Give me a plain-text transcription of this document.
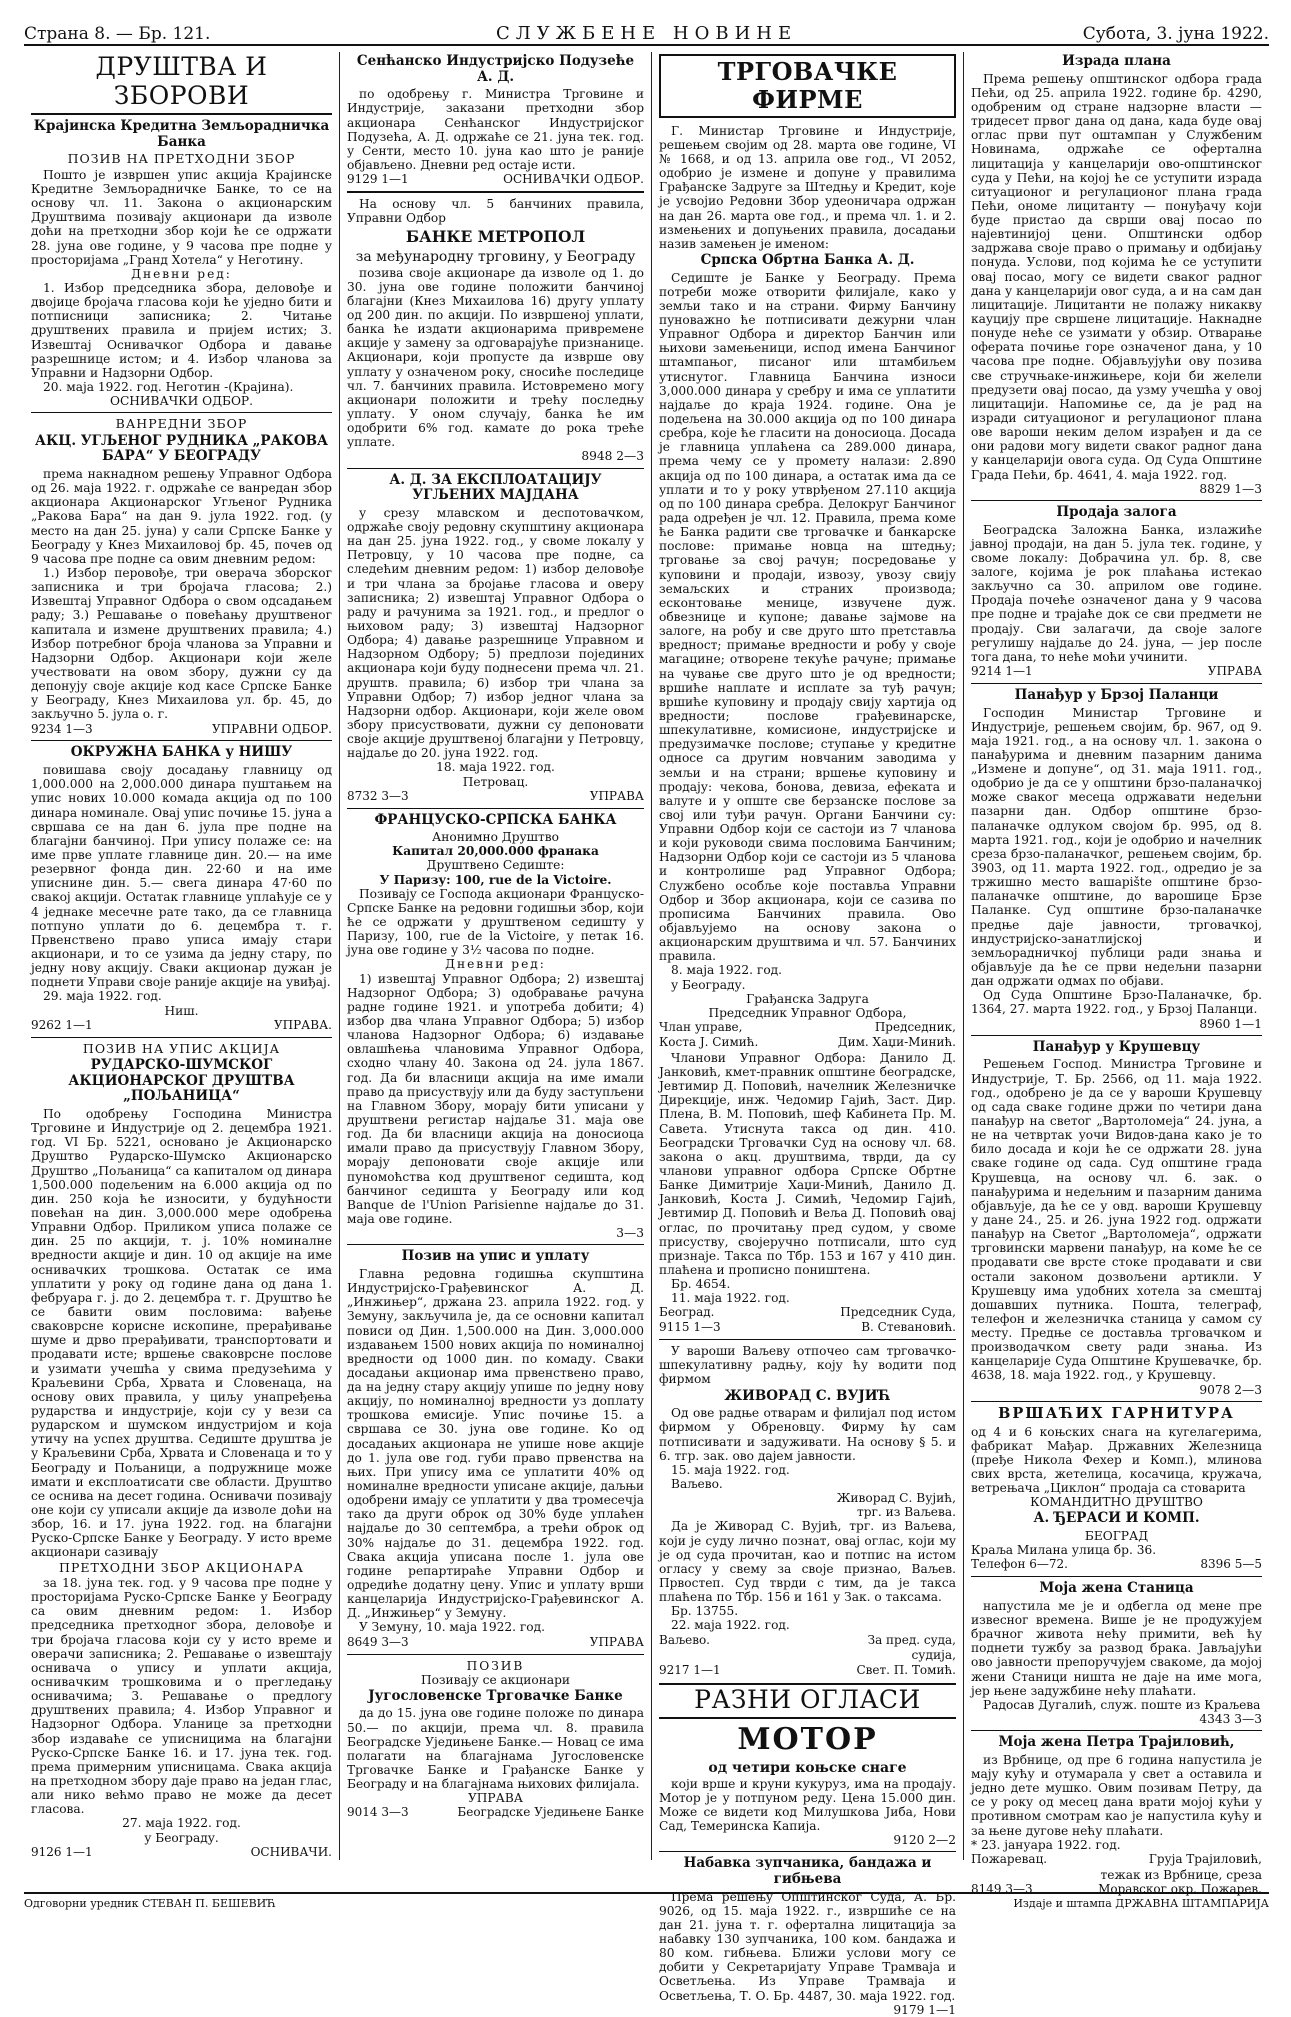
Страна 8. — Бр. 121.	СЛУЖБЕНЕ НОВИНЕ	Субота, 3. јуна 1922.
ДРУШТВА И ЗБОРОВИ
Крајинска Кредитна Земљорадничка Банка
ПОЗИВ НА ПРЕТХОДНИ ЗБОР

Пошто је извршен упис акција Крајинске Кредитне Земљорадничке Банке, то се на основу чл. 11. Закона о акционарским Друштвима позивају акционари да изволе доћи на претходни збор који ће се одржати 28. јуна ове године, у 9 часова пре подне у просторијама „Гранд Хотела“ у Неготину.

Дневни ред:

1. Избор председника збора, деловође и двојице бројача гласова који ће уједно бити и потписници записника; 2. Читање друштвених правила и пријем истих; 3. Извештај Оснивачког Одбора и давање разрешнице истом; и 4. Избор чланова за Управни и Надзорни Одбор.

20. маја 1922. год. Неготин -(Крајина).

ОСНИВАЧКИ ОДБОР.
ВАНРЕДНИ ЗБОР
АКЦ. УГЉЕНОГ РУДНИКА „РАКОВА БАРА“ У БЕОГРАДУ

према накнадном решењу Управног Одбора од 26. маја 1922. г. одржаће се ванредан збор акционара Акционарског Угљеног Рудника „Ракова Бара“ на дан 9. јула 1922. год. (у место на дан 25. јуна) у сали Српске Банке у Београду у Кнез Михаиловој бр. 45, почев од 9 часова пре подне са овим дневним редом:

1.) Избор перовође, три оверача зборског записника и три бројача гласова; 2.) Извештај Управног Одбора о свом одсадањем раду; 3.) Решавање о повећању друштвеног капитала и измене друштвених правила; 4.) Избор потребног броја чланова за Управни и Надзорни Одбор. Акционари који желе учествовати на овом збору, дужни су да депонују своје акције код касе Српске Банке у Београду, Кнез Михаилова ул. бр. 45, до закључно 5. јула о. г.

9234 1—3	УПРАВНИ ОДБОР.
ОКРУЖНА БАНКА у НИШУ

повишава своју досадању главницу од 1,000.000 на 2,000.000 динара пуштањем на упис нових 10.000 комада акција од по 100 динара номинале. Овај упис почиње 15. јуна а свршава се на дан 6. јула пре подне на благајни банчиној. При упису полаже се: на име прве уплате главнице дин. 20.— на име резервног фонда дин. 22·60 и на име уписнине дин. 5.— свега динара 47·60 по свакој акцији. Остатак главнице уплаћује се у 4 једнаке месечне рате тако, да се главница потпуно уплати до 6. децембра т. г. Првенствено право уписа имају стари акционари, и то се узима да једну стару, по једну нову акцију. Сваки акционар дужан је поднети Управи своје раније акције на увиђај.

29. маја 1922. год.

Ниш.
9262 1—1	УПРАВА.
ПОЗИВ НА УПИС АКЦИЈА
РУДАРСКО-ШУМСКОГ АКЦИОНАРСКОГ ДРУШТВА „ПОЉАНИЦА“

По одобрењу Господина Министра Трговине и Индустрије од 2. децембра 1921. год. VI Бр. 5221, основано је Акционарско Друштво Рударско-Шумско Акционарско Друштво „Пољаница“ са капиталом од динара 1,500.000 подељеним на 6.000 акција од по дин. 250 која ће износити, у будућности повећан на дин. 3,000.000 мере одобрења Управни Одбор. Приликом уписа полаже се дин. 25 по акцији, т. ј. 10% номиналне вредности акције и дин. 10 од акције на име оснивачких трошкова. Остатак се има уплатити у року од године дана од дана 1. фебруара г. ј. до 2. децембра т. г. Друштво ће се бавити овим пословима: вађење сваковрсне корисне ископине, прерађивање шуме и дрво прерађивати, транспортовати и продавати исте; вршење сваковрсне послове и узимати учешћа у свима предузећима у Краљевини Срба, Хрвата и Словенаца, на основу ових правила, у циљу унапређења рударства и индустрије, који су у вези са рударском и шумском индустријом и која утичу на успех друштва. Седиште друштва је у Краљевини Срба, Хрвата и Словенаца и то у Београду и Пољаници, а подружнице може имати и експлоатисати све области. Друштво се оснива на десет година. Оснивачи позивају оне који су уписали акције да изволе доћи на збор, 16. и 17. јуна 1922. год. на благајни Руско-Српске Банке у Београду. У исто време акционари сазивају

ПРЕТХОДНИ ЗБОР АКЦИОНАРА

за 18. јуна тек. год. у 9 часова пре подне у просторијама Руско-Српске Банке у Београду са овим дневним редом: 1. Избор председника претходног збора, деловође и три бројача гласова који су у исто време и оверачи записника; 2. Решавање о извештају оснивача о упису и уплати акција, оснивачким трошковима и о прегледању оснивачима; 3. Решавање о предлогу друштвених правила; 4. Избор Управног и Надзорног Одбора. Уланице за претходни збор издаваће се уписницима на благајни Руско-Српске Банке 16. и 17. јуна тек. год. према примерним уписницама. Свака акција на претходном збору даје право на један глас, али нико већмо право не може да десет гласова.

27. маја 1922. год.
у Београду.
9126 1—1	ОСНИВАЧИ.
Сенћанско Индустријско Подузеће А. Д.

по одобрењу г. Министра Трговине и Индустрије, заказани претходни збор акционара Сенћанског Индустријског Подузећа, А. Д. одржаће се 21. јуна тек. год. у Сенти, место 10. јуна као што је раније објављено. Дневни ред остаје исти.

9129 1—1	ОСНИВАЧКИ ОДБОР.

На основу чл. 5 банчиних правила, Управни Одбор

БАНКЕ МЕТРОПОЛ
за међународну трговину, у Београду

позива своје акционаре да изволе од 1. до 30. јуна ове године положити банчиној благајни (Кнез Михаилова 16) другу уплату од 200 дин. по акцији. По извршеној уплати, банка ће издати акционарима привремене акције у замену за одговарајуће признанице. Акционари, који пропусте да изврше ову уплату у означеном року, сносиће последице чл. 7. банчиних правила. Истовремено могу акционари положити и трећу последњу уплату. У оном случају, банка ће им одобрити 6% год. камате до рока треће уплате.

8948 2—3
А. Д. ЗА ЕКСПЛОАТАЦИЈУ УГЉЕНИХ МАЈДАНА

у срезу млавском и деспотовачком, одржаће своју редовну скупштину акционара на дан 25. јуна 1922. год., у своме локалу у Петровцу, у 10 часова пре подне, са следећим дневним редом: 1) избор деловође и три члана за бројање гласова и оверу записника; 2) извештај Управног Одбора о раду и рачунима за 1921. год., и предлог о њиховом раду; 3) извештај Надзорног Одбора; 4) давање разрешнице Управном и Надзорном Одбору; 5) предлози појединих акционара који буду поднесени према чл. 21. друштв. правила; 6) избор три члана за Управни Одбор; 7) избор једног члана за Надзорни одбор. Акционари, који желе овом збору присуствовати, дужни су депоновати своје акције друштвеној благајни у Петровцу, најдаље до 20. јуна 1922. год.

18. маја 1922. год.
Петровац.
8732 3—3	УПРАВА
ФРАНЦУСКО-СРПСКА БАНКА
Анонимно Друштво
Капитал 20,000.000 франака
Друштвено Седиште:
У Паризу: 100, rue de la Victoire.

Позивају се Господа акционари Француско-Српске Банке на редовни годишњи збор, који ће се одржати у друштвеном седишту у Паризу, 100, rue de la Victoire, у петак 16. јуна ове године у 3½ часова по подне.

Дневни ред:

1) извештај Управног Одбора; 2) извештај Надзорног Одбора; 3) одобравање рачуна радне године 1921. и употреба добити; 4) избор два члана Управног Одбора; 5) избор чланова Надзорног Одбора; 6) издавање овлашћења члановима Управног Одбора, сходно члану 40. Закона од 24. јула 1867. год. Да би власници акција на име имали право да присуствују или да буду заступљени на Главном Збору, морају бити уписани у друштвени регистар најдаље 31. маја ове год. Да би власници акција на доносиоца имали право да присуствују Главном Збору, морају депоновати своје акције или пуномоћства код друштвеног седишта, код банчиног седишта у Београду или код Banque de l'Union Parisienne најдаље до 31. маја ове године.

3—3
Позив на упис и уплату

Главна редовна годишња скупштина Индустријско-Грађевинског А. Д. „Инжињер“, држана 23. априла 1922. год. у Земуну, закључила је, да се основни капитал повиси од Дин. 1,500.000 на Дин. 3,000.000 издавањем 1500 нових акција по номиналној вредности од 1000 дин. по комаду. Сваки досадањи акционар има првенствено право, да на једну стару акцију упише по једну нову акцију, по номиналној вредности уз доплату трошкова емисије. Упис почиње 15. а свршава се 30. јуна ове године. Ко од досадањих акционара не упише нове акције до 1. јула ове год. губи право првенства на њих. При упису има се уплатити 40% од номиналне вредности уписане акције, даљњи одобрени имају се уплатити у два тромесечја тако да други оброк од 30% буде уплаћен најдаље до 30 септембра, а трећи оброк од 30% најдаље до 31. децембра 1922. год. Свака акција уписана после 1. јула ове године репартираће Управни Одбор и одредиће додатну цену. Упис и уплату врши канцеларија Индустријско-Грађевинског А. Д. „Инжињер“ у Земуну.

У Земуну, 10. маја 1922. год.

8649 3—3	УПРАВА
ПОЗИВ
Позивају се акционари
Југословенске Трговачке Банке

да до 15. јуна ове године положе по динара 50.— по акцији, према чл. 8. правила Београдске Уједињене Банке.— Новац се има полагати на благајнама Југословенске Трговачке Банке и Грађанске Банке у Београду и на благајнама њихових филијала.

УПРАВА
9014 3—3	Београдске Уједињене Банке
ТРГОВАЧКЕ ФИРМЕ

Г. Министар Трговине и Индустрије, решењем својим од 28. марта ове године, VI № 1668, и од 13. априла ове год., VI 2052, одобрио је измене и допуне у правилима Грађанске Задруге за Штедњу и Кредит, које је усвојио Редовни Збор удеоничара одржан на дан 26. марта ове год., и према чл. 1. и 2. измењених и допуњених правила, досадањи назив замењен је именом:

Српска Обртна Банка А. Д.

Седиште је Банке у Београду. Према потреби може отворити филијале, како у земљи тако и на страни. Фирму Банчину пуноважно ће потписивати дежурни члан Управног Одбора и директор Банчин или њихови замењеници, испод имена Банчиног штампањог, писаног или штамбиљем утиснутог. Главница Банчина износи 3,000.000 динара у сребру и има се уплатити најдаље до краја 1924. године. Она је подељена на 30.000 акција од по 100 динара сребра, које ће гласити на доносиоца. Досада је главница уплаћена са 289.000 динара, према чему се у промету налази: 2.890 акција од по 100 динара, а остатак има да се уплати и то у року утврђеном 27.110 акција од по 100 динара сребра. Делокруг Банчиног рада одређен је чл. 12. Правила, према коме ће Банка радити све трговачке и банкарске послове: примање новца на штедњу; трговање за свој рачун; посредовање у куповини и продаји, извозу, увозу свију земаљских и страних производа; есконтовање менице, извучене дуж. обвезнице и купоне; давање зајмове на залоге, на робу и све друго што претставља вредност; примање вредности и робу у своје магацине; отворене текуће рачуне; примање на чување све друго што је од вредности; вршиће наплате и исплате за туђ рачун; вршиће куповину и продају свију хартија од вредности; послове грађевинарске, шпекулативне, комисионе, индустријске и предузимачке послове; ступање у кредитне односе са другим новчаним заводима у земљи и на страни; вршење куповину и продају: чекова, бонова, девиза, ефеката и валуте и у опште све берзанске послове за свој или туђи рачун. Органи Банчини су: Управни Одбор који се састоји из 7 чланова и који руководи свима пословима Банчиним; Надзорни Одбор који се састоји из 5 чланова и контролише рад Управног Одбора; Службено особље које поставља Управни Одбор и Збор акционара, који се сазива по прописима Банчиних правила. Ово објављујемо на основу закона о акционарским друштвима и чл. 57. Банчиних правила.

8. маја 1922. год.

у Београду.

Грађанска Задруга
Председник Управног Одбора,
Члан управе,	Председник,
Коста Ј. Симић.	Дим. Хаџи-Минић.

Чланови Управног Одбора: Данило Д. Јанковић, кмет-правник општине београдске, Јевтимир Д. Поповић, начелник Железничке Дирекције, инж. Чедомир Гајић, Заст. Дир. Плена, В. М. Поповић, шеф Кабинета Пр. М. Савета. Утиснута такса од дин. 410. Београдски Трговачки Суд на основу чл. 68. закона о акц. друштвима, тврди, да су чланови управног одбора Српске Обртне Банке Димитрије Хаџи-Минић, Данило Д. Јанковић, Коста Ј. Симић, Чедомир Гајић, Јевтимир Д. Поповић и Веља Д. Поповић овај оглас, по прочитању пред судом, у своме присуству, својеручно потписали, што суд признаје. Такса по Тбр. 153 и 167 у 410 дин. плаћена и прописно поништена.

Бр. 4654.

11. маја 1922. год.

Београд.	Председник Суда,
9115 1—3	В. Стевановић.

У вароши Ваљеву отпочео сам трговачко-шпекулативну радњу, коју ћу водити под фирмом

ЖИВОРАД С. ВУЈИЋ

Од ове радње отварам и филијал под истом фирмом у Обреновцу. Фирму ћу сам потписивати и задуживати. На основу § 5. и 6. тгр. зак. ово дајем јавности.

15. маја 1922. год.

Ваљево.

Живорад С. Вујић,
трг. из Ваљева.

Да је Живорад С. Вујић, трг. из Ваљева, који је суду лично познат, овај оглас, који му је од суда прочитан, као и потпис на истом огласу у свему за своје признао, Ваљев. Првостеп. Суд тврди с тим, да је такса плаћена по Тбр. 156 и 161 у Зак. о таксама.

Бр. 13755.

22. маја 1922. год.

Ваљево.	За пред. суда,
судија,
9217 1—1	Свет. П. Томић.
РАЗНИ ОГЛАСИ
МОТОР
од четири коњске снаге

који врше и круни кукуруз, има на продају. Мотор је у потпуном реду. Цена 15.000 дин. Може се видети код Милушкова Јиба, Нови Сад, Темеринска Капија.

9120 2—2
Набавка зупчаника, бандажа и гибњева

Према решењу Општинског Суда, А. Бр. 9026, од 15. маја 1922. г., извршиће се на дан 21. јуна т. г. офертална лицитација за набавку 130 зупчаника, 100 ком. бандажа и 80 ком. гибњева. Ближи услови могу се добити у Секретаријату Управе Трамваја и Осветљења. Из Управе Трамваја и Осветљења, Т. О. Бр. 4487, 30. маја 1922. год.

9179 1—1
Израда плана

Према решењу општинског одбора града Пећи, од 25. априла 1922. године бр. 4290, одобреним од стране надзорне власти — тридесет првог дана од дана, када буде овај оглас први пут оштампан у Службеним Новинама, одржаће се офертална лицитација у канцеларији ово-општинског суда у Пећи, на којој ће се уступити израда ситуационог и регулационог плана града Пећи, ономе лицитанту — понуђачу који буде пристао да сврши овај посао по најевтинијој цени. Општински одбор задржава своје право о примању и одбијању понуда. Услови, под којима ће се уступити овај посао, могу се видети сваког радног дана у канцеларији овог суда, а и на сам дан лицитације. Лицитанти не полажу никакву кауцију пре свршене лицитације. Накнадне понуде неће се узимати у обзир. Отварање оферата почиње горе означеног дана, у 10 часова пре подне. Објављујући ову позива све стручњаке-инжињере, који би желели предузети овај посао, да узму учешћа у овој лицитацији. Напомиње се, да је рад на изради ситуационог и регулационог плана ове вароши неким делом израђен и да се они радови могу видети сваког радног дана у канцеларији овога суда. Од Суда Општине Града Пећи, бр. 4641, 4. маја 1922. год.

8829 1—3
Продаја залога

Београдска Заложна Банка, излажиће јавној продаји, на дан 5. јула тек. године, у своме локалу: Добрачина ул. бр. 8, све залоге, којима је рок плаћања истекао закључно са 30. априлом ове године. Продаја почеће означеног дана у 9 часова пре подне и трајаће док се сви предмети не продају. Сви залагачи, да своје залоге регулишу најдаље до 24. јуна, — јер после тога дана, то неће моћи учинити.

9214 1—1	УПРАВА
Панађур у Брзој Паланци

Господин Министар Трговине и Индустрије, решењем својим, бр. 967, од 9. маја 1921. год., а на основу чл. 1. закона о панађурима и дневним пазарним данима „Измене и допуне“, од 31. маја 1911. год., одобрио је да се у општини брзо-паланачкој може сваког месеца одржавати недељни пазарни дан. Одбор општине брзо-паланачке одлуком својом бр. 995, од 8. марта 1921. год., који је одобрио и начелник среза брзо-паланачког, решењем својим, бр. 3903, од 11. марта 1922. год., одредио је за тржишно место вашарište општине брзо-паланачке општине, до варошице Брзе Паланке. Суд општине брзо-паланачке предње даје јавности, трговачкој, индустријско-занатлијској и земљорадничкој публици ради знања и објављује да ће се први недељни пазарни дан одржати одмах по објави.

Од Суда Општине Брзо-Паланачке, бр. 1364, 27. марта 1922. год., у Брзој Паланци.

8960 1—1
Панађур у Крушевцу

Решењем Господ. Министра Трговине и Индустрије, Т. Бр. 2566, од 11. маја 1922. год., одобрено је да се у вароши Крушевцу од сада сваке године држи по четири дана панађур на светог „Вартоломеја“ 24. јуна, а не на четвртак уочи Видов-дана како је то било досада и који ће се одржати 28. јуна сваке године од сада. Суд општине града Крушевца, на основу чл. 6. зак. о панађурима и недељним и пазарним данима објављује, да ће се у овд. вароши Крушевцу у дане 24., 25. и 26. јуна 1922 год. одржати панађур на Светог „Вартоломеја“, одржати трговински марвени панађур, на коме ће се продавати све врсте стоке продавати и сви остали законом дозвољени артикли. У Крушевцу има удобних хотела за смештај дошавших путника. Пошта, телеграф, телефон и железничка станица у самом су месту. Предње се доставља трговачком и производачком свету ради знања. Из канцеларије Суда Општине Крушевачке, бр. 4638, 18. маја 1922. год., у Крушевцу.

9078 2—3
ВРШАЋИХ ГАРНИТУРА

од 4 и 6 коњских снага на кугелагерима, фабрикат Мађар. Државних Железница (пређе Никола Фехер и Комп.), млинова свих врста, жетелица, косачица, кружача, ветрењача „Циклон“ продаја са стоварита

КОМАНДИТНО ДРУШТВО
А. ЂЕРАСИ И КОМП.
БЕОГРАД
Краља Милана улица бр. 36.
Телефон 6—72.	8396 5—5
Моја жена Станица

напустила ме је и одбегла од мене пре извесног времена. Више је не продужујем брачног живота нећу примити, већ ћу поднети тужбу за развод брака. Јављајући ово јавности препоручујем свакоме, да мојој жени Станици ништа не даје на име мога, јер њене задужбине нећу плаћати.

Радосав Дугалић, служ. поште из Краљева

4343 3—3
Моја жена Петра Трајиловић,

из Врбнице, од пре 6 година напустила је мају кућу и отумарала у свет а оставила и једно дете мушко. Овим позивам Петру, да се у року од месец дана врати мојој кући у противном смотрам као је напустила кућу и за њене дугове нећу плаћати.

* 23. јануара 1922. год.
Пожаревац.	Груја Трајиловић,
тежак из Врбнице, среза
8149 3—3	Моравског окр. Пожарев.
Одговорни уредник СТЕВАН П. БЕШЕВИЋ	Издаје и штампа ДРЖАВНА ШТАМПАРИЈА
